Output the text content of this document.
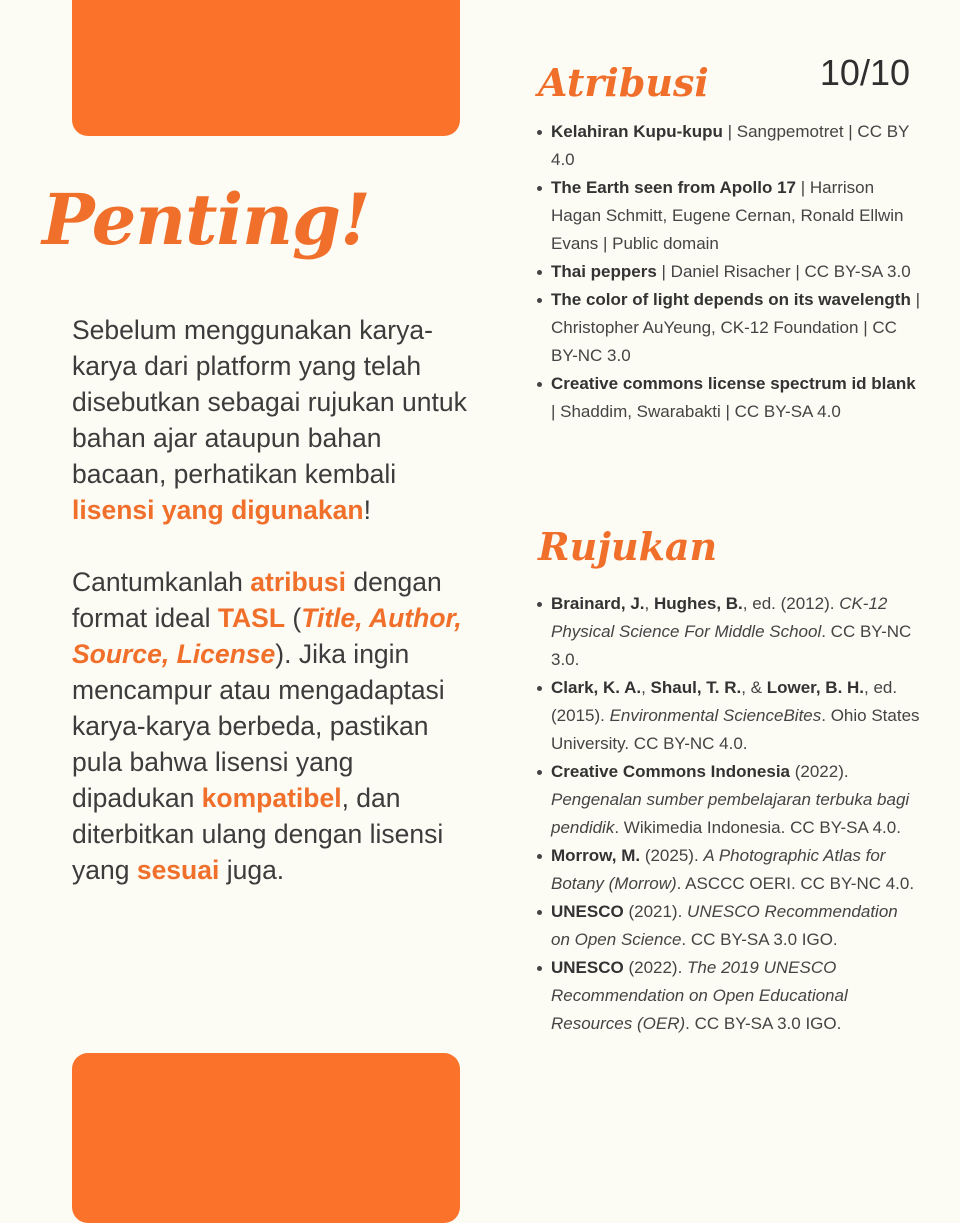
10/10
Penting!

Sebelum menggunakan karya-karya dari platform yang telah disebutkan sebagai rujukan untuk bahan ajar ataupun bahan bacaan, perhatikan kembali lisensi yang digunakan!

Cantumkanlah atribusi dengan format ideal TASL (Title, Author, Source, License). Jika ingin mencampur atau mengadaptasi karya-karya berbeda, pastikan pula bahwa lisensi yang dipadukan kompatibel, dan diterbitkan ulang dengan lisensi yang sesuai juga.

Atribusi
Kelahiran Kupu-kupu | Sangpemotret | CC BY 4.0
The Earth seen from Apollo 17 | Harrison Hagan Schmitt, Eugene Cernan, Ronald Ellwin Evans | Public domain
Thai peppers | Daniel Risacher | CC BY-SA 3.0
The color of light depends on its wavelength | Christopher AuYeung, CK-12 Foundation | CC BY-NC 3.0
Creative commons license spectrum id blank | Shaddim, Swarabakti | CC BY-SA 4.0
Rujukan
Brainard, J., Hughes, B., ed. (2012). CK-12 Physical Science For Middle School. CC BY-NC 3.0.
Clark, K. A., Shaul, T. R., & Lower, B. H., ed. (2015). Environmental ScienceBites. Ohio States University. CC BY-NC 4.0.
Creative Commons Indonesia (2022). Pengenalan sumber pembelajaran terbuka bagi pendidik. Wikimedia Indonesia. CC BY-SA 4.0.
Morrow, M. (2025). A Photographic Atlas for Botany (Morrow). ASCCC OERI. CC BY-NC 4.0.
UNESCO (2021). UNESCO Recommendation on Open Science. CC BY-SA 3.0 IGO.
UNESCO (2022). The 2019 UNESCO Recommendation on Open Educational Resources (OER). CC BY-SA 3.0 IGO.
